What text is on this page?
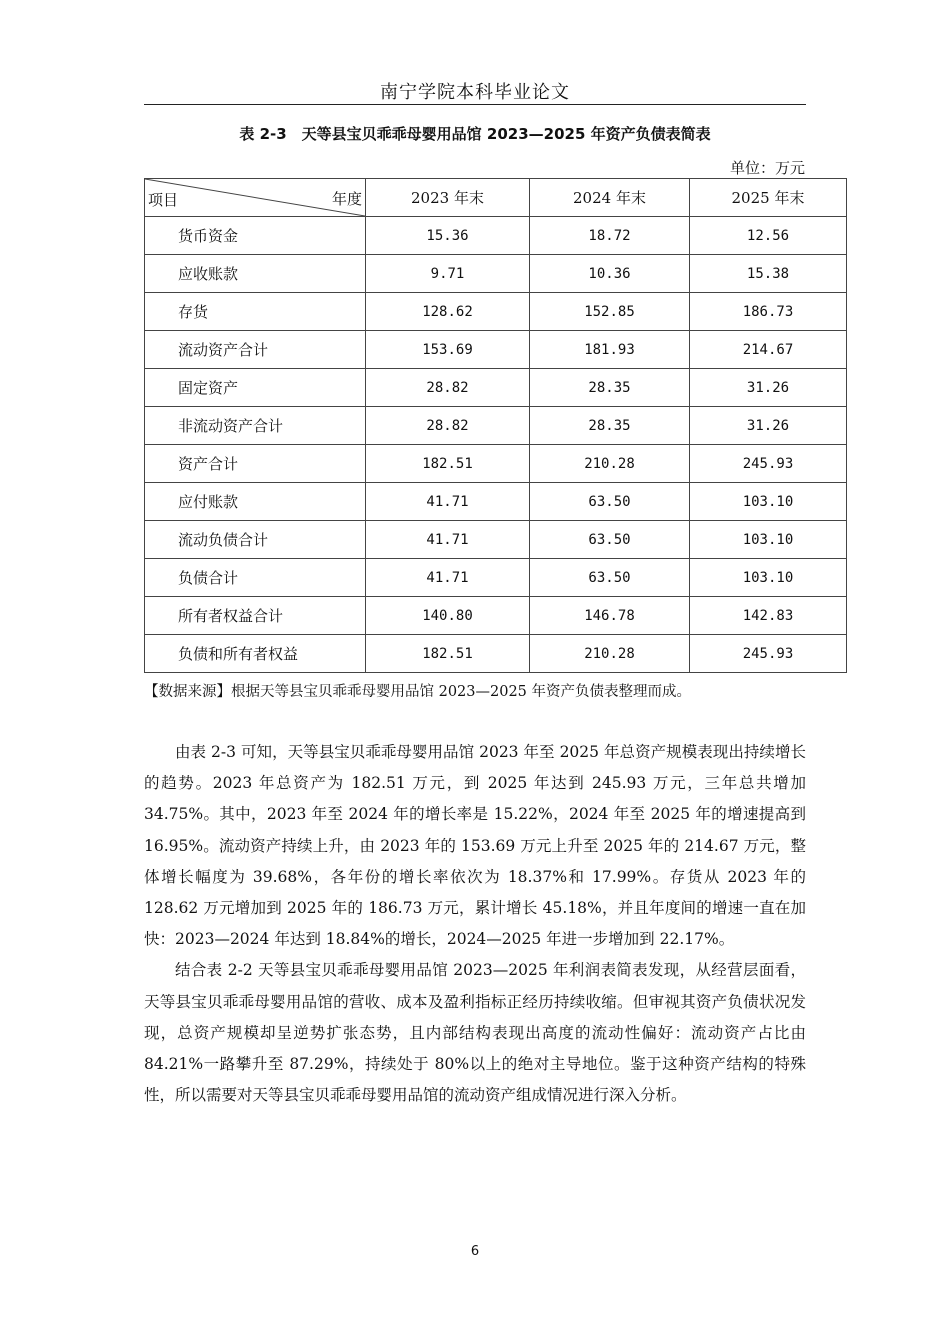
南宁学院本科毕业论文
表 2-3　天等县宝贝乖乖母婴用品馆 2023—2025 年资产负债表简表
单位：万元
项目 年度	2023 年末	2024 年末	2025 年末
货币资金	15.36	18.72	12.56
应收账款	9.71	10.36	15.38
存货	128.62	152.85	186.73
流动资产合计	153.69	181.93	214.67
固定资产	28.82	28.35	31.26
非流动资产合计	28.82	28.35	31.26
资产合计	182.51	210.28	245.93
应付账款	41.71	63.50	103.10
流动负债合计	41.71	63.50	103.10
负债合计	41.71	63.50	103.10
所有者权益合计	140.80	146.78	142.83
负债和所有者权益	182.51	210.28	245.93
【数据来源】根据天等县宝贝乖乖母婴用品馆 2023—2025 年资产负债表整理而成。

由表 2-3 可知，天等县宝贝乖乖母婴用品馆 2023 年至 2025 年总资产规模表现出持续增长的趋势。2023 年总资产为 182.51 万元，到 2025 年达到 245.93 万元，三年总共增加 34.75%。其中，2023 年至 2024 年的增长率是 15.22%，2024 年至 2025 年的增速提高到 16.95%。流动资产持续上升，由 2023 年的 153.69 万元上升至 2025 年的 214.67 万元，整体增长幅度为 39.68%，各年份的增长率依次为 18.37%和 17.99%。存货从 2023 年的 128.62 万元增加到 2025 年的 186.73 万元，累计增长 45.18%，并且年度间的增速一直在加快：2023—2024 年达到 18.84%的增长，2024—2025 年进一步增加到 22.17%。

结合表 2-2 天等县宝贝乖乖母婴用品馆 2023—2025 年利润表简表发现，从经营层面看，天等县宝贝乖乖母婴用品馆的营收、成本及盈利指标正经历持续收缩。但审视其资产负债状况发现，总资产规模却呈逆势扩张态势，且内部结构表现出高度的流动性偏好：流动资产占比由 84.21%一路攀升至 87.29%，持续处于 80%以上的绝对主导地位。鉴于这种资产结构的特殊性，所以需要对天等县宝贝乖乖母婴用品馆的流动资产组成情况进行深入分析。

6
